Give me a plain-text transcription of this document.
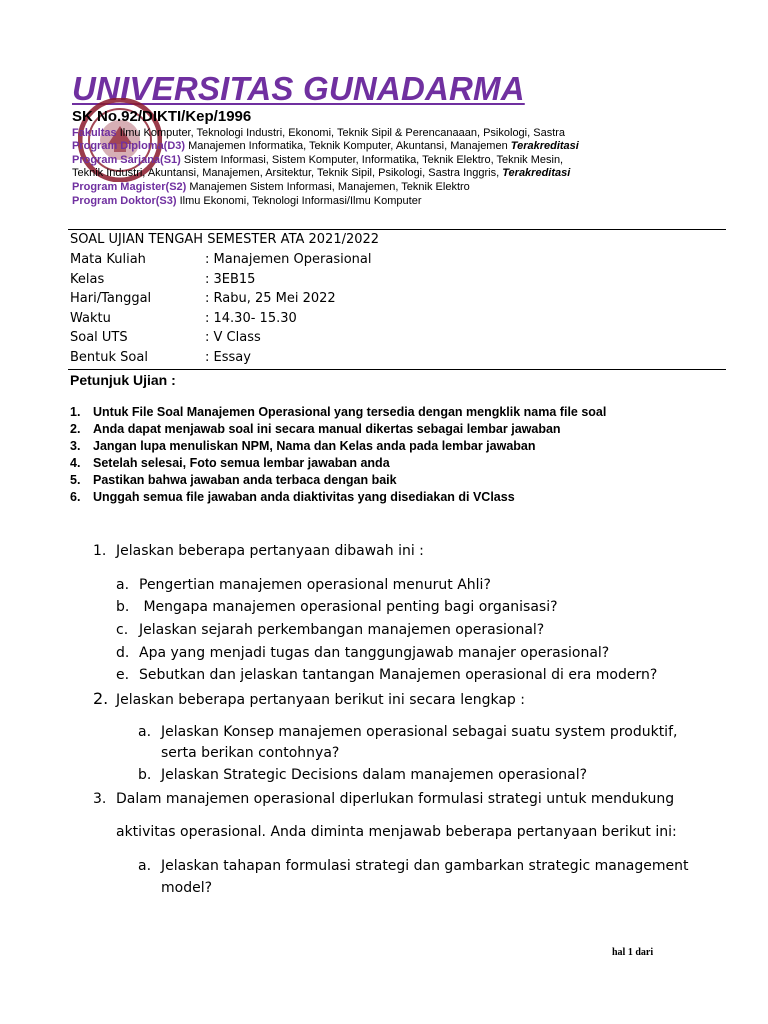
UNIVERSITAS GUNADARMA
SK No.92/DIKTI/Kep/1996
Fakultas Ilmu Komputer, Teknologi Industri, Ekonomi, Teknik Sipil & Perencanaaan, Psikologi, Sastra
Program Diploma(D3) Manajemen Informatika, Teknik Komputer, Akuntansi, Manajemen Terakreditasi
Program Sarjana(S1) Sistem Informasi, Sistem Komputer, Informatika, Teknik Elektro, Teknik Mesin,
Teknik Industri, Akuntansi, Manajemen, Arsitektur, Teknik Sipil, Psikologi, Sastra Inggris, Terakreditasi
Program Magister(S2) Manajemen Sistem Informasi, Manajemen, Teknik Elektro
Program Doktor(S3) Ilmu Ekonomi, Teknologi Informasi/Ilmu Komputer
SOAL UJIAN TENGAH SEMESTER ATA 2021/2022
Mata Kuliah	: Manajemen Operasional
Kelas	: 3EB15
Hari/Tanggal	: Rabu, 25 Mei 2022
Waktu	: 14.30- 15.30
Soal UTS	: V Class
Bentuk Soal	: Essay
Petunjuk Ujian :
1. Untuk File Soal Manajemen Operasional yang tersedia dengan mengklik nama file soal
2. Anda dapat menjawab soal ini secara manual dikertas sebagai lembar jawaban
3. Jangan lupa menuliskan NPM, Nama dan Kelas anda pada lembar jawaban
4. Setelah selesai, Foto semua lembar jawaban anda
5. Pastikan bahwa jawaban anda terbaca dengan baik
6. Unggah semua file jawaban anda diaktivitas yang disediakan di VClass
1. Jelaskan beberapa pertanyaan dibawah ini :
a. Pengertian manajemen operasional menurut Ahli?
b. Mengapa manajemen operasional penting bagi organisasi?
c. Jelaskan sejarah perkembangan manajemen operasional?
d. Apa yang menjadi tugas dan tanggungjawab manajer operasional?
e. Sebutkan dan jelaskan tantangan Manajemen operasional di era modern?
2. Jelaskan beberapa pertanyaan berikut ini secara lengkap :
a. Jelaskan Konsep manajemen operasional sebagai suatu system produktif,
serta berikan contohnya?
b. Jelaskan Strategic Decisions dalam manajemen operasional?
3. Dalam manajemen operasional diperlukan formulasi strategi untuk mendukung
aktivitas operasional. Anda diminta menjawab beberapa pertanyaan berikut ini:
a. Jelaskan tahapan formulasi strategi dan gambarkan strategic management
model?
hal 1 dari
